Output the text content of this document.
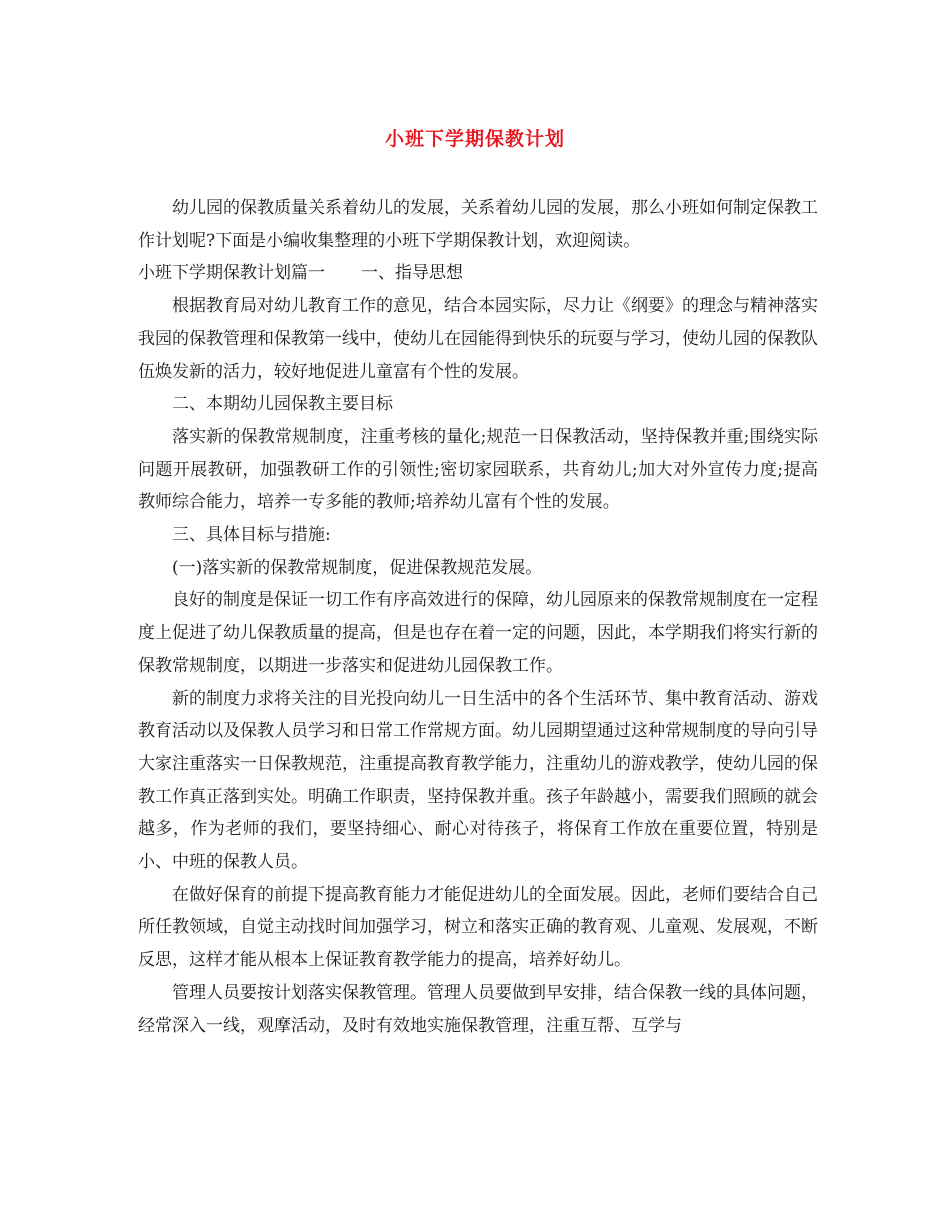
小班下学期保教计划

幼儿园的保教质量关系着幼儿的发展，关系着幼儿园的发展，那么小班如何制定保教工作计划呢?下面是小编收集整理的小班下学期保教计划，欢迎阅读。

小班下学期保教计划篇一 一、指导思想

根据教育局对幼儿教育工作的意见，结合本园实际，尽力让《纲要》的理念与精神落实我园的保教管理和保教第一线中，使幼儿在园能得到快乐的玩耍与学习，使幼儿园的保教队伍焕发新的活力，较好地促进儿童富有个性的发展。

二、本期幼儿园保教主要目标

落实新的保教常规制度，注重考核的量化;规范一日保教活动，坚持保教并重;围绕实际问题开展教研，加强教研工作的引领性;密切家园联系，共育幼儿;加大对外宣传力度;提高教师综合能力，培养一专多能的教师;培养幼儿富有个性的发展。

三、具体目标与措施:

(一)落实新的保教常规制度，促进保教规范发展。

良好的制度是保证一切工作有序高效进行的保障，幼儿园原来的保教常规制度在一定程度上促进了幼儿保教质量的提高，但是也存在着一定的问题，因此，本学期我们将实行新的保教常规制度，以期进一步落实和促进幼儿园保教工作。

新的制度力求将关注的目光投向幼儿一日生活中的各个生活环节、集中教育活动、游戏教育活动以及保教人员学习和日常工作常规方面。幼儿园期望通过这种常规制度的导向引导大家注重落实一日保教规范，注重提高教育教学能力，注重幼儿的游戏教学，使幼儿园的保教工作真正落到实处。明确工作职责，坚持保教并重。孩子年龄越小，需要我们照顾的就会越多，作为老师的我们，要坚持细心、耐心对待孩子，将保育工作放在重要位置，特别是小、中班的保教人员。

在做好保育的前提下提高教育能力才能促进幼儿的全面发展。因此，老师们要结合自己所任教领域，自觉主动找时间加强学习，树立和落实正确的教育观、儿童观、发展观，不断反思，这样才能从根本上保证教育教学能力的提高，培养好幼儿。

管理人员要按计划落实保教管理。管理人员要做到早安排，结合保教一线的具体问题，经常深入一线，观摩活动，及时有效地实施保教管理，注重互帮、互学与
